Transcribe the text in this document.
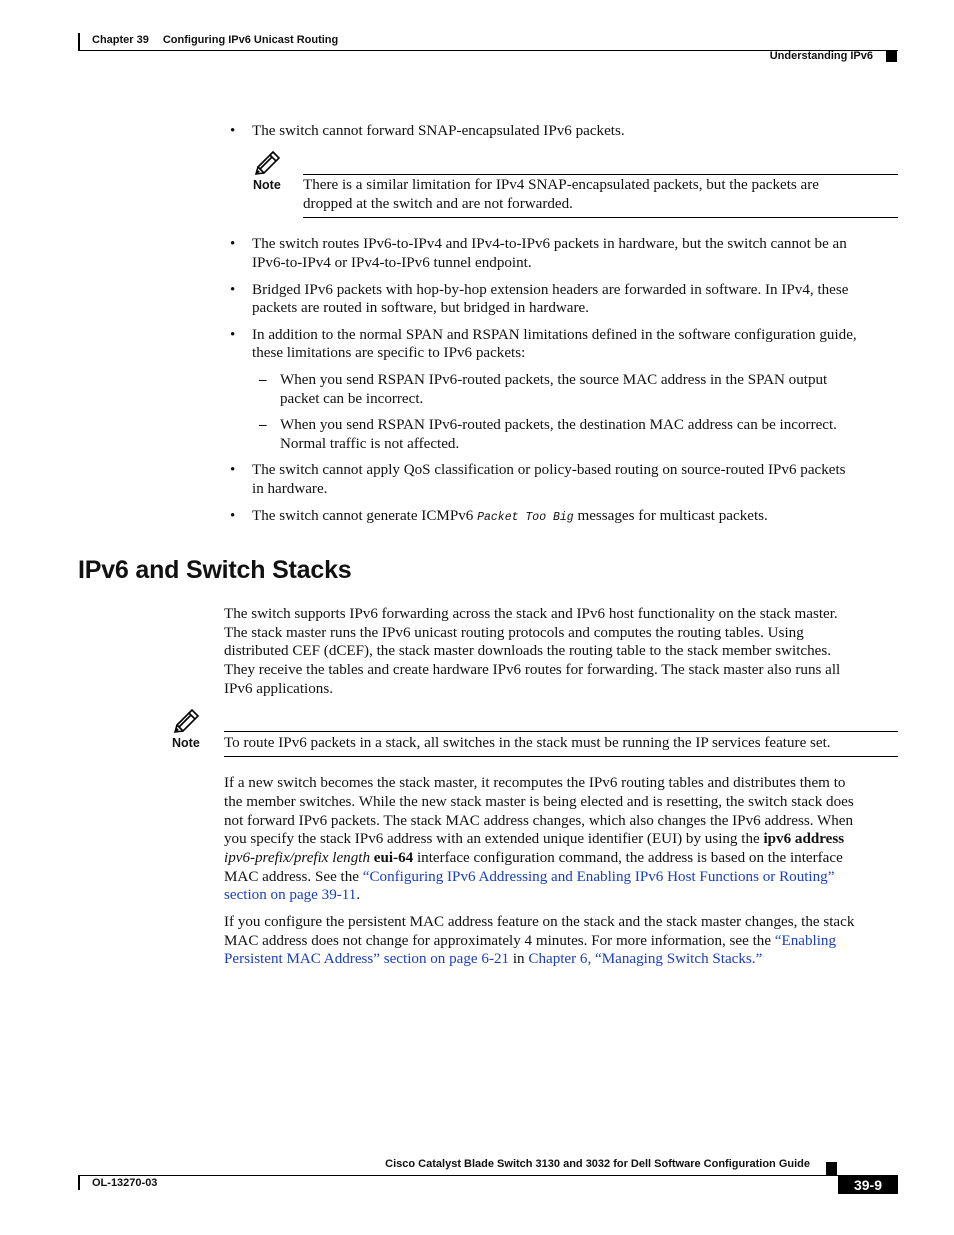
Chapter 39 Configuring IPv6 Unicast Routing
Understanding IPv6
• The switch cannot forward SNAP-encapsulated IPv6 packets.
Note There is a similar limitation for IPv4 SNAP-encapsulated packets, but the packets are
dropped at the switch and are not forwarded.
• The switch routes IPv6-to-IPv4 and IPv4-to-IPv6 packets in hardware, but the switch cannot be an
IPv6-to-IPv4 or IPv4-to-IPv6 tunnel endpoint.
• Bridged IPv6 packets with hop-by-hop extension headers are forwarded in software. In IPv4, these
packets are routed in software, but bridged in hardware.
• In addition to the normal SPAN and RSPAN limitations defined in the software configuration guide,
these limitations are specific to IPv6 packets:
– When you send RSPAN IPv6-routed packets, the source MAC address in the SPAN output
packet can be incorrect.
– When you send RSPAN IPv6-routed packets, the destination MAC address can be incorrect.
Normal traffic is not affected.
• The switch cannot apply QoS classification or policy-based routing on source-routed IPv6 packets
in hardware.
• The switch cannot generate ICMPv6 Packet Too Big messages for multicast packets.
IPv6 and Switch Stacks
The switch supports IPv6 forwarding across the stack and IPv6 host functionality on the stack master.
The stack master runs the IPv6 unicast routing protocols and computes the routing tables. Using
distributed CEF (dCEF), the stack master downloads the routing table to the stack member switches.
They receive the tables and create hardware IPv6 routes for forwarding. The stack master also runs all
IPv6 applications.
Note To route IPv6 packets in a stack, all switches in the stack must be running the IP services feature set.
If a new switch becomes the stack master, it recomputes the IPv6 routing tables and distributes them to
the member switches. While the new stack master is being elected and is resetting, the switch stack does
not forward IPv6 packets. The stack MAC address changes, which also changes the IPv6 address. When
you specify the stack IPv6 address with an extended unique identifier (EUI) by using the ipv6 address
ipv6-prefix/prefix length eui-64 interface configuration command, the address is based on the interface
MAC address. See the “Configuring IPv6 Addressing and Enabling IPv6 Host Functions or Routing”
section on page 39-11.
If you configure the persistent MAC address feature on the stack and the stack master changes, the stack
MAC address does not change for approximately 4 minutes. For more information, see the “Enabling
Persistent MAC Address” section on page 6-21 in Chapter 6, “Managing Switch Stacks.”
Cisco Catalyst Blade Switch 3130 and 3032 for Dell Software Configuration Guide
OL-13270-03	39-9
